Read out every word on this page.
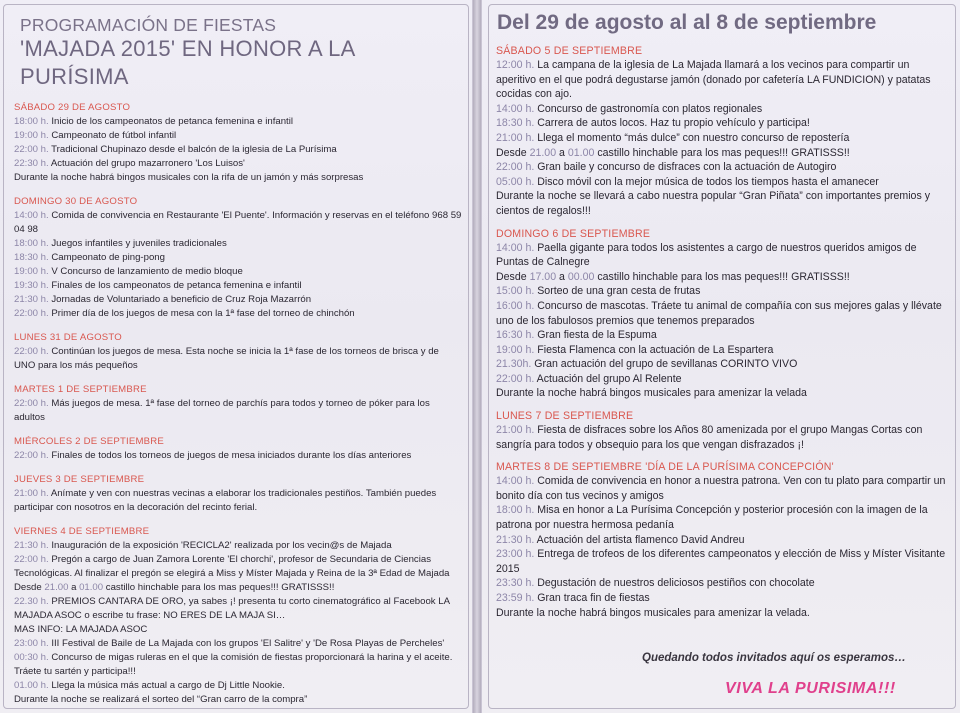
PROGRAMACIÓN DE FIESTAS
'MAJADA 2015' EN HONOR A LA PURÍSIMA
SÁBADO 29 DE AGOSTO
18:00 h. Inicio de los campeonatos de petanca femenina e infantil
19:00 h. Campeonato de fútbol infantil
22:00 h. Tradicional Chupinazo desde el balcón de la iglesia de La Purísima
22:30 h. Actuación del grupo mazarronero 'Los Luisos'
Durante la noche habrá bingos musicales con la rifa de un jamón y más sorpresas
DOMINGO 30 DE AGOSTO
14:00 h. Comida de convivencia en Restaurante 'El Puente'. Información y reservas en el teléfono 968 59 04 98
18:00 h. Juegos infantiles y juveniles tradicionales
18:30 h. Campeonato de ping-pong
19:00 h. V Concurso de lanzamiento de medio bloque
19:30 h. Finales de los campeonatos de petanca femenina e infantil
21:30 h. Jornadas de Voluntariado a beneficio de Cruz Roja Mazarrón
22:00 h. Primer día de los juegos de mesa con la 1ª fase del torneo de chinchón
LUNES 31 DE AGOSTO
22:00 h. Continúan los juegos de mesa. Esta noche se inicia la 1ª fase de los torneos de brisca y de UNO para los más pequeños
MARTES 1 DE SEPTIEMBRE
22:00 h. Más juegos de mesa. 1ª fase del torneo de parchís para todos y torneo de póker para los adultos
MIÉRCOLES 2 DE SEPTIEMBRE
22:00 h. Finales de todos los torneos de juegos de mesa iniciados durante los días anteriores
JUEVES 3 DE SEPTIEMBRE
21:00 h. Anímate y ven con nuestras vecinas a elaborar los tradicionales pestiños. También puedes participar con nosotros en la decoración del recinto ferial.
VIERNES 4 DE SEPTIEMBRE
21:30 h. Inauguración de la exposición 'RECICLA2' realizada por los vecin@s de Majada
22:00 h. Pregón a cargo de Juan Zamora Lorente 'El chorchi', profesor de Secundaria de Ciencias Tecnológicas. Al finalizar el pregón se elegirá a Miss y Míster Majada y Reina de la 3ª Edad de Majada
Desde 21.00 a 01.00 castillo hinchable para los mas peques!!! GRATISSS!!
22.30 h. PREMIOS CANTARA DE ORO, ya sabes ¡! presenta tu corto cinematográfico al Facebook LA MAJADA ASOC o escribe tu frase: NO ERES DE LA MAJA SI…
MAS INFO: LA MAJADA ASOC
23:00 h. III Festival de Baile de La Majada con los grupos 'El Salitre' y 'De Rosa Playas de Percheles'
00:30 h. Concurso de migas ruleras en el que la comisión de fiestas proporcionará la harina y el aceite. Tráete tu sartén y participa!!!
01.00 h. Llega la música más actual a cargo de Dj Little Nookie.
Durante la noche se realizará el sorteo del “Gran carro de la compra”
Del 29 de agosto al al 8 de septiembre
SÁBADO 5 DE SEPTIEMBRE
12:00 h. La campana de la iglesia de La Majada llamará a los vecinos para compartir un aperitivo en el que podrá degustarse jamón (donado por cafetería LA FUNDICION) y patatas cocidas con ajo.
14:00 h. Concurso de gastronomía con platos regionales
18:30 h. Carrera de autos locos. Haz tu propio vehículo y participa!
21:00 h. Llega el momento “más dulce” con nuestro concurso de repostería
Desde 21.00 a 01.00 castillo hinchable para los mas peques!!! GRATISSS!!
22:00 h. Gran baile y concurso de disfraces con la actuación de Autogiro
05:00 h. Disco móvil con la mejor música de todos los tiempos hasta el amanecer
Durante la noche se llevará a cabo nuestra popular “Gran Piñata” con importantes premios y cientos de regalos!!!
DOMINGO 6 DE SEPTIEMBRE
14:00 h. Paella gigante para todos los asistentes a cargo de nuestros queridos amigos de Puntas de Calnegre
Desde 17.00 a 00.00 castillo hinchable para los mas peques!!! GRATISSS!!
15:00 h. Sorteo de una gran cesta de frutas
16:00 h. Concurso de mascotas. Tráete tu animal de compañía con sus mejores galas y llévate uno de los fabulosos premios que tenemos preparados
16:30 h. Gran fiesta de la Espuma
19:00 h. Fiesta Flamenca con la actuación de La Espartera
21.30h. Gran actuación del grupo de sevillanas CORINTO VIVO
22:00 h. Actuación del grupo Al Relente
Durante la noche habrá bingos musicales para amenizar la velada
LUNES 7 DE SEPTIEMBRE
21:00 h. Fiesta de disfraces sobre los Años 80 amenizada por el grupo Mangas Cortas con sangría para todos y obsequio para los que vengan disfrazados ¡!
MARTES 8 DE SEPTIEMBRE 'DÍA DE LA PURÍSIMA CONCEPCIÓN'
14:00 h. Comida de convivencia en honor a nuestra patrona. Ven con tu plato para compartir un bonito día con tus vecinos y amigos
18:00 h. Misa en honor a La Purísima Concepción y posterior procesión con la imagen de la patrona por nuestra hermosa pedanía
21:30 h. Actuación del artista flamenco David Andreu
23:00 h. Entrega de trofeos de los diferentes campeonatos y elección de Miss y Míster Visitante 2015
23:30 h. Degustación de nuestros deliciosos pestiños con chocolate
23:59 h. Gran traca fin de fiestas
Durante la noche habrá bingos musicales para amenizar la velada.
Quedando todos invitados aquí os esperamos…
VIVA LA PURISIMA!!!
